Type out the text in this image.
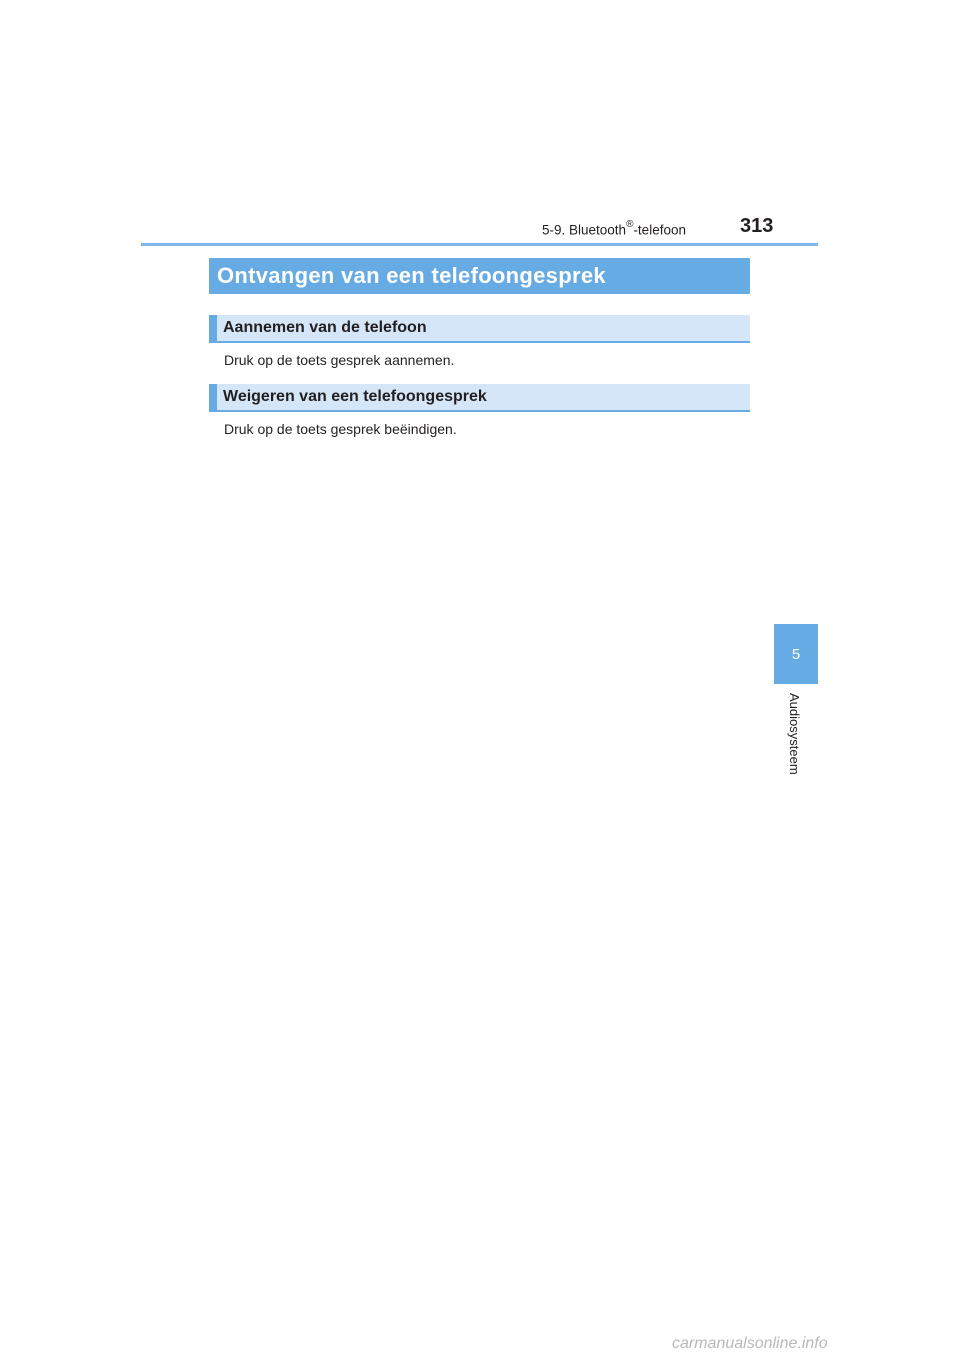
5-9. Bluetooth®-telefoon	313
Ontvangen van een telefoongesprek
Aannemen van de telefoon
Druk op de toets gesprek aannemen.
Weigeren van een telefoongesprek
Druk op de toets gesprek beëindigen.
5
Audiosysteem
carmanualsonline.info
